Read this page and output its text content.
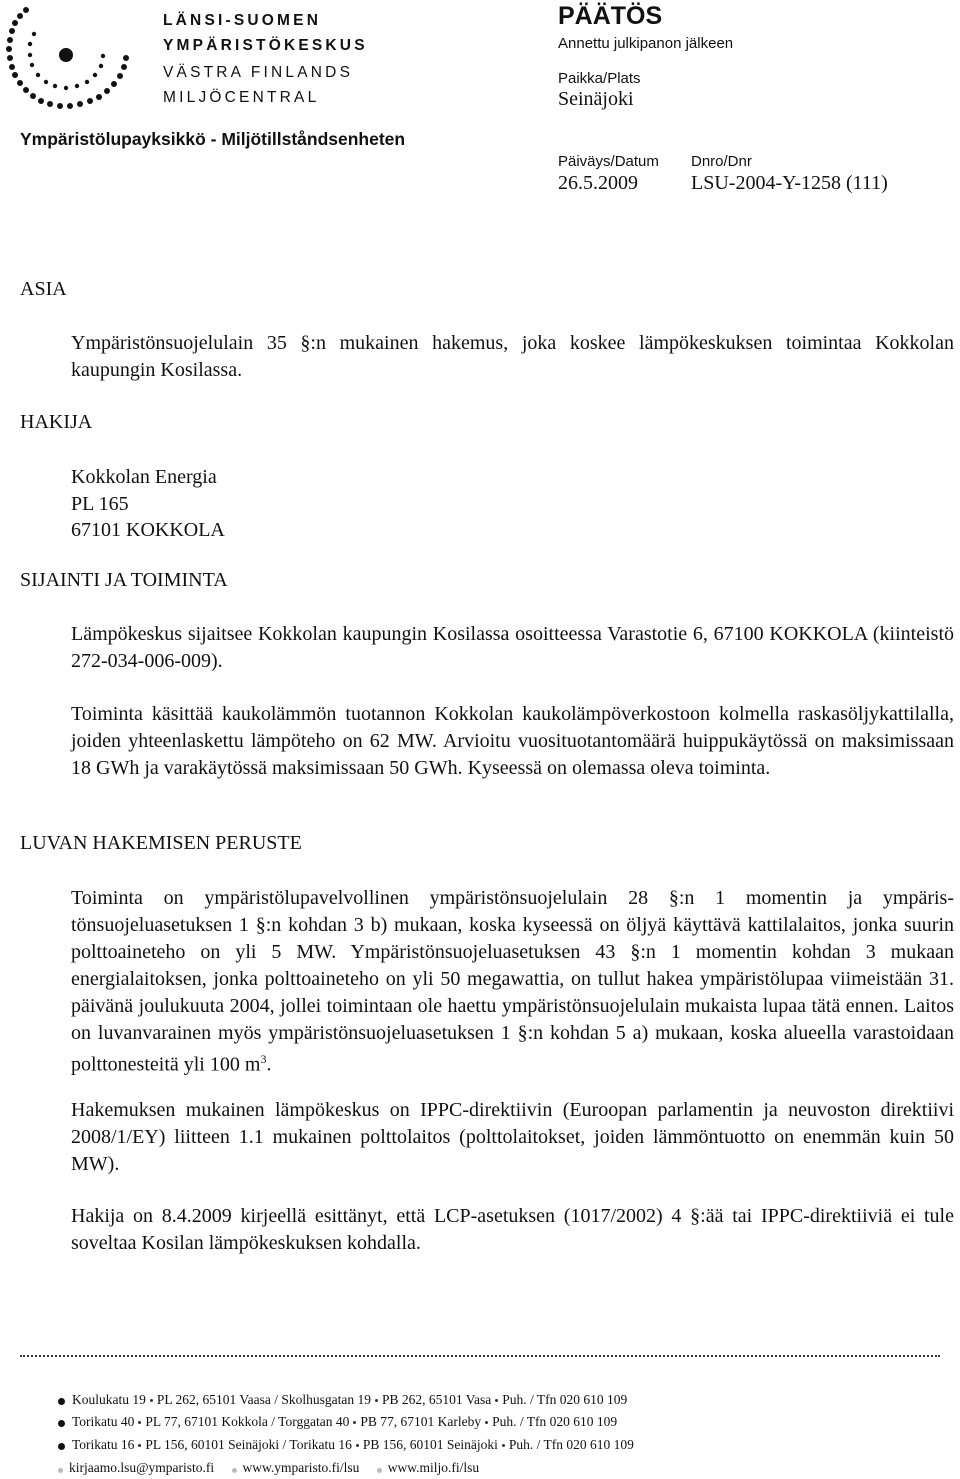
LÄNSI-SUOMEN
YMPÄRISTÖKESKUS
VÄSTRA FINLANDS
MILJÖCENTRAL
Ympäristölupayksikkö - Miljötillståndsenheten
PÄÄTÖS
Annettu julkipanon jälkeen
Paikka/Plats
Seinäjoki
Päiväys/Datum
26.5.2009
Dnro/Dnr
LSU-2004-Y-1258 (111)
ASIA
Ympäristönsuojelulain 35 §:n mukainen hakemus, joka koskee lämpökeskuksen toimintaa Kokkolan kaupungin Kosilassa.
HAKIJA
Kokkolan Energia
PL 165
67101 KOKKOLA
SIJAINTI JA TOIMINTA
Lämpökeskus sijaitsee Kokkolan kaupungin Kosilassa osoitteessa Varastotie 6, 67100 KOKKOLA (kiinteistö 272-034-006-009).
Toiminta käsittää kaukolämmön tuotannon Kokkolan kaukolämpöverkostoon kolmella raskasöljykattilalla, joiden yhteenlaskettu lämpöteho on 62 MW. Arvioitu vuosituotantomäärä huippukäytössä on maksimissaan 18 GWh ja varakäytössä maksimissaan 50 GWh. Kyseessä on olemassa oleva toiminta.
LUVAN HAKEMISEN PERUSTE
Toiminta on ympäristölupavelvollinen ympäristönsuojelulain 28 §:n 1 momentin ja ympäristönsuojeluasetuksen 1 §:n kohdan 3 b) mukaan, koska kyseessä on öljyä käyttävä kattilalaitos, jonka suurin polttoaineteho on yli 5 MW. Ympäristönsuojeluasetuksen 43 §:n 1 momentin kohdan 3 mukaan energialaitoksen, jonka polttoaineteho on yli 50 megawattia, on tullut hakea ympäristölupaa viimeistään 31. päivänä joulukuuta 2004, jollei toimintaan ole haettu ympäristönsuojelulain mukaista lupaa tätä ennen. Laitos on luvanvarainen myös ympäristönsuojeluasetuksen 1 §:n kohdan 5 a) mukaan, koska alueella varastoidaan polttonesteitä yli 100 $m^3$.
Hakemuksen mukainen lämpökeskus on IPPC-direktiivin (Euroopan parlamentin ja neuvoston direktiivi 2008/1/EY) liitteen 1.1 mukainen polttolaitos (polttolaitokset, joiden lämmöntuotto on enemmän kuin 50 MW).
Hakija on 8.4.2009 kirjeellä esittänyt, että LCP-asetuksen (1017/2002) 4 §:ää tai IPPC-direktiiviä ei tule soveltaa Kosilan lämpökeskuksen kohdalla.
Koulukatu 19 PL 262, 65101 Vaasa / Skolhusgatan 19 PB 262, 65101 Vasa Puh. / Tfn 020 610 109
Torikatu 40 PL 77, 67101 Kokkola / Torggatan 40 PB 77, 67101 Karleby Puh. / Tfn 020 610 109
Torikatu 16 PL 156, 60101 Seinäjoki / Torikatu 16 PB 156, 60101 Seinäjoki Puh. / Tfn 020 610 109
kirjaamo.lsu@ymparisto.fi www.ymparisto.fi/lsu www.miljo.fi/lsu
